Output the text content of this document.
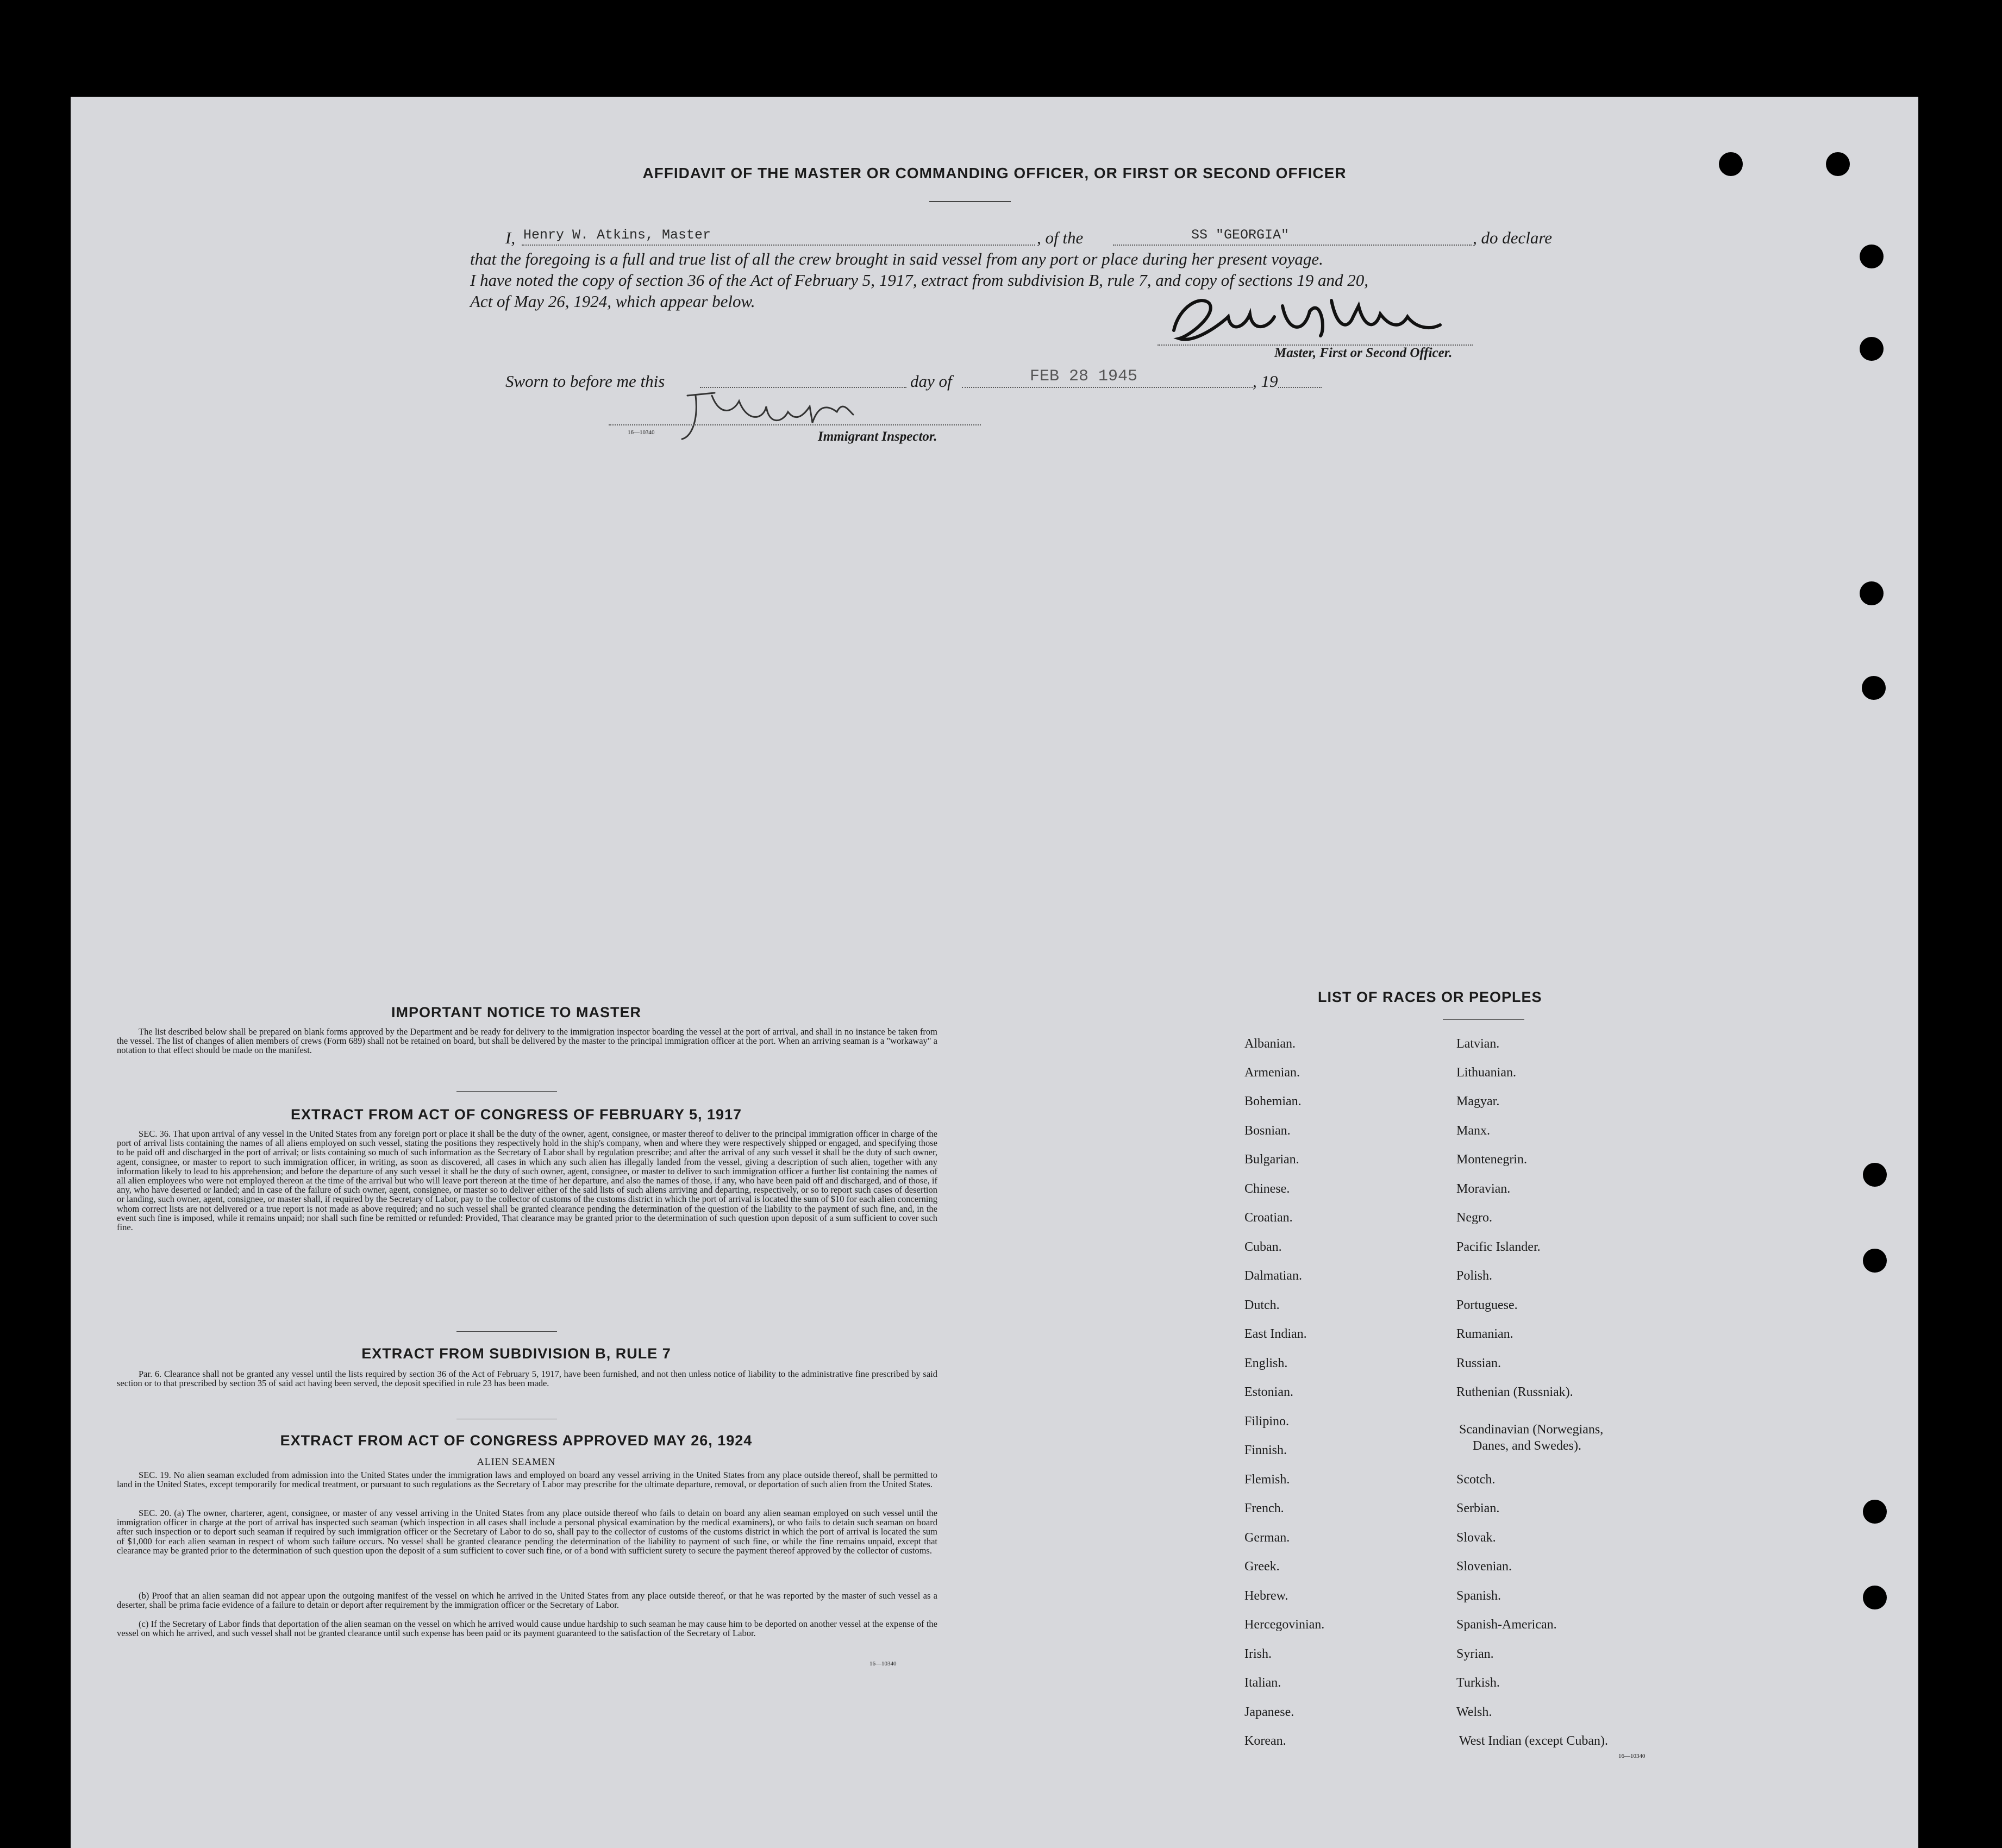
AFFIDAVIT OF THE MASTER OR COMMANDING OFFICER, OR FIRST OR SECOND OFFICER
I, Henry W. Atkins, Master	, of the	SS "GEORGIA"	, do declare
that the foregoing is a full and true list of all the crew brought in said vessel from any port or place during her present voyage.
I have noted the copy of section 36 of the Act of February 5, 1917, extract from subdivision B, rule 7, and copy of sections 19 and 20,
Act of May 26, 1924, which appear below.
Master, First or Second Officer.
Sworn to before me this	day of	FEB 28 1945	, 19
16—10340	Immigrant Inspector.
IMPORTANT NOTICE TO MASTER
The list described below shall be prepared on blank forms approved by the Department and be ready for delivery to the immigration inspector boarding the vessel at the port of arrival, and shall in no instance be taken from the vessel. The list of changes of alien members of crews (Form 689) shall not be retained on board, but shall be delivered by the master to the principal immigration officer at the port. When an arriving seaman is a "workaway" a notation to that effect should be made on the manifest.
EXTRACT FROM ACT OF CONGRESS OF FEBRUARY 5, 1917
SEC. 36. That upon arrival of any vessel in the United States from any foreign port or place it shall be the duty of the owner, agent, consignee, or master thereof to deliver to the principal immigration officer in charge of the port of arrival lists containing the names of all aliens employed on such vessel, stating the positions they respectively hold in the ship's company, when and where they were respectively shipped or engaged, and specifying those to be paid off and discharged in the port of arrival; or lists containing so much of such information as the Secretary of Labor shall by regulation prescribe; and after the arrival of any such vessel it shall be the duty of such owner, agent, consignee, or master to report to such immigration officer, in writing, as soon as discovered, all cases in which any such alien has illegally landed from the vessel, giving a description of such alien, together with any information likely to lead to his apprehension; and before the departure of any such vessel it shall be the duty of such owner, agent, consignee, or master to deliver to such immigration officer a further list containing the names of all alien employees who were not employed thereon at the time of the arrival but who will leave port thereon at the time of her departure, and also the names of those, if any, who have been paid off and discharged, and of those, if any, who have deserted or landed; and in case of the failure of such owner, agent, consignee, or master so to deliver either of the said lists of such aliens arriving and departing, respectively, or so to report such cases of desertion or landing, such owner, agent, consignee, or master shall, if required by the Secretary of Labor, pay to the collector of customs of the customs district in which the port of arrival is located the sum of $10 for each alien concerning whom correct lists are not delivered or a true report is not made as above required; and no such vessel shall be granted clearance pending the determination of the question of the liability to the payment of such fine, and, in the event such fine is imposed, while it remains unpaid; nor shall such fine be remitted or refunded: Provided, That clearance may be granted prior to the determination of such question upon deposit of a sum sufficient to cover such fine.
EXTRACT FROM SUBDIVISION B, RULE 7
Par. 6. Clearance shall not be granted any vessel until the lists required by section 36 of the Act of February 5, 1917, have been furnished, and not then unless notice of liability to the administrative fine prescribed by said section or to that prescribed by section 35 of said act having been served, the deposit specified in rule 23 has been made.
EXTRACT FROM ACT OF CONGRESS APPROVED MAY 26, 1924
ALIEN SEAMEN
SEC. 19. No alien seaman excluded from admission into the United States under the immigration laws and employed on board any vessel arriving in the United States from any place outside thereof, shall be permitted to land in the United States, except temporarily for medical treatment, or pursuant to such regulations as the Secretary of Labor may prescribe for the ultimate departure, removal, or deportation of such alien from the United States.
SEC. 20. (a) The owner, charterer, agent, consignee, or master of any vessel arriving in the United States from any place outside thereof who fails to detain on board any alien seaman employed on such vessel until the immigration officer in charge at the port of arrival has inspected such seaman (which inspection in all cases shall include a personal physical examination by the medical examiners), or who fails to detain such seaman on board after such inspection or to deport such seaman if required by such immigration officer or the Secretary of Labor to do so, shall pay to the collector of customs of the customs district in which the port of arrival is located the sum of $1,000 for each alien seaman in respect of whom such failure occurs. No vessel shall be granted clearance pending the determination of the liability to payment of such fine, or while the fine remains unpaid, except that clearance may be granted prior to the determination of such question upon the deposit of a sum sufficient to cover such fine, or of a bond with sufficient surety to secure the payment thereof approved by the collector of customs.
(b) Proof that an alien seaman did not appear upon the outgoing manifest of the vessel on which he arrived in the United States from any place outside thereof, or that he was reported by the master of such vessel as a deserter, shall be prima facie evidence of a failure to detain or deport after requirement by the immigration officer or the Secretary of Labor.
(c) If the Secretary of Labor finds that deportation of the alien seaman on the vessel on which he arrived would cause undue hardship to such seaman he may cause him to be deported on another vessel at the expense of the vessel on which he arrived, and such vessel shall not be granted clearance until such expense has been paid or its payment guaranteed to the satisfaction of the Secretary of Labor.
16—10340
LIST OF RACES OR PEOPLES
Albanian.
Armenian.
Bohemian.
Bosnian.
Bulgarian.
Chinese.
Croatian.
Cuban.
Dalmatian.
Dutch.
East Indian.
English.
Estonian.
Filipino.
Finnish.
Flemish.
French.
German.
Greek.
Hebrew.
Hercegovinian.
Irish.
Italian.
Japanese.
Korean.
Latvian.
Lithuanian.
Magyar.
Manx.
Montenegrin.
Moravian.
Negro.
Pacific Islander.
Polish.
Portuguese.
Rumanian.
Russian.
Ruthenian (Russniak).
Scandinavian (Norwegians,
Danes, and Swedes).
Scotch.
Serbian.
Slovak.
Slovenian.
Spanish.
Spanish-American.
Syrian.
Turkish.
Welsh.
West Indian (except Cuban).
16—10340
